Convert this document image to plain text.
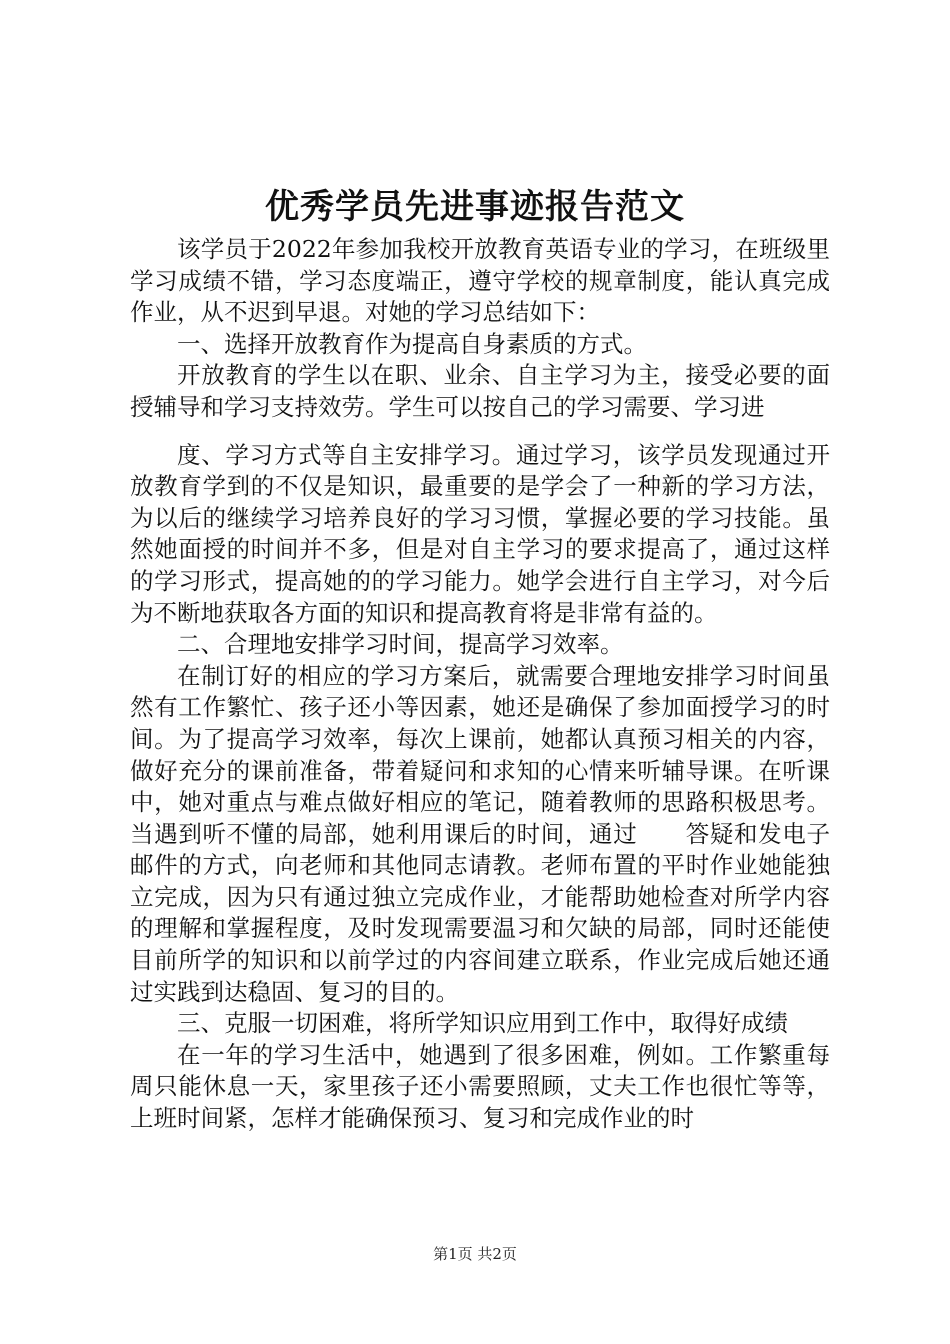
优秀学员先进事迹报告范文

该学员于2022年参加我校开放教育英语专业的学习，在班级里学习成绩不错，学习态度端正，遵守学校的规章制度，能认真完成作业，从不迟到早退。对她的学习总结如下：

一、选择开放教育作为提高自身素质的方式。

开放教育的学生以在职、业余、自主学习为主，接受必要的面授辅导和学习支持效劳。学生可以按自己的学习需要、学习进

度、学习方式等自主安排学习。通过学习，该学员发现通过开放教育学到的不仅是知识，最重要的是学会了一种新的学习方法，为以后的继续学习培养良好的学习习惯，掌握必要的学习技能。虽然她面授的时间并不多，但是对自主学习的要求提高了，通过这样的学习形式，提高她的的学习能力。她学会进行自主学习，对今后为不断地获取各方面的知识和提高教育将是非常有益的。

二、合理地安排学习时间，提高学习效率。

在制订好的相应的学习方案后，就需要合理地安排学习时间虽然有工作繁忙、孩子还小等因素，她还是确保了参加面授学习的时间。为了提高学习效率，每次上课前，她都认真预习相关的内容，做好充分的课前准备，带着疑问和求知的心情来听辅导课。在听课中，她对重点与难点做好相应的笔记，随着教师的思路积极思考。当遇到听不懂的局部，她利用课后的时间，通过　　答疑和发电子邮件的方式，向老师和其他同志请教。老师布置的平时作业她能独立完成，因为只有通过独立完成作业，才能帮助她检查对所学内容的理解和掌握程度，及时发现需要温习和欠缺的局部，同时还能使目前所学的知识和以前学过的内容间建立联系，作业完成后她还通过实践到达稳固、复习的目的。

三、克服一切困难，将所学知识应用到工作中，取得好成绩

在一年的学习生活中，她遇到了很多困难，例如。工作繁重每周只能休息一天，家里孩子还小需要照顾，丈夫工作也很忙等等，上班时间紧，怎样才能确保预习、复习和完成作业的时

第1页 共2页
